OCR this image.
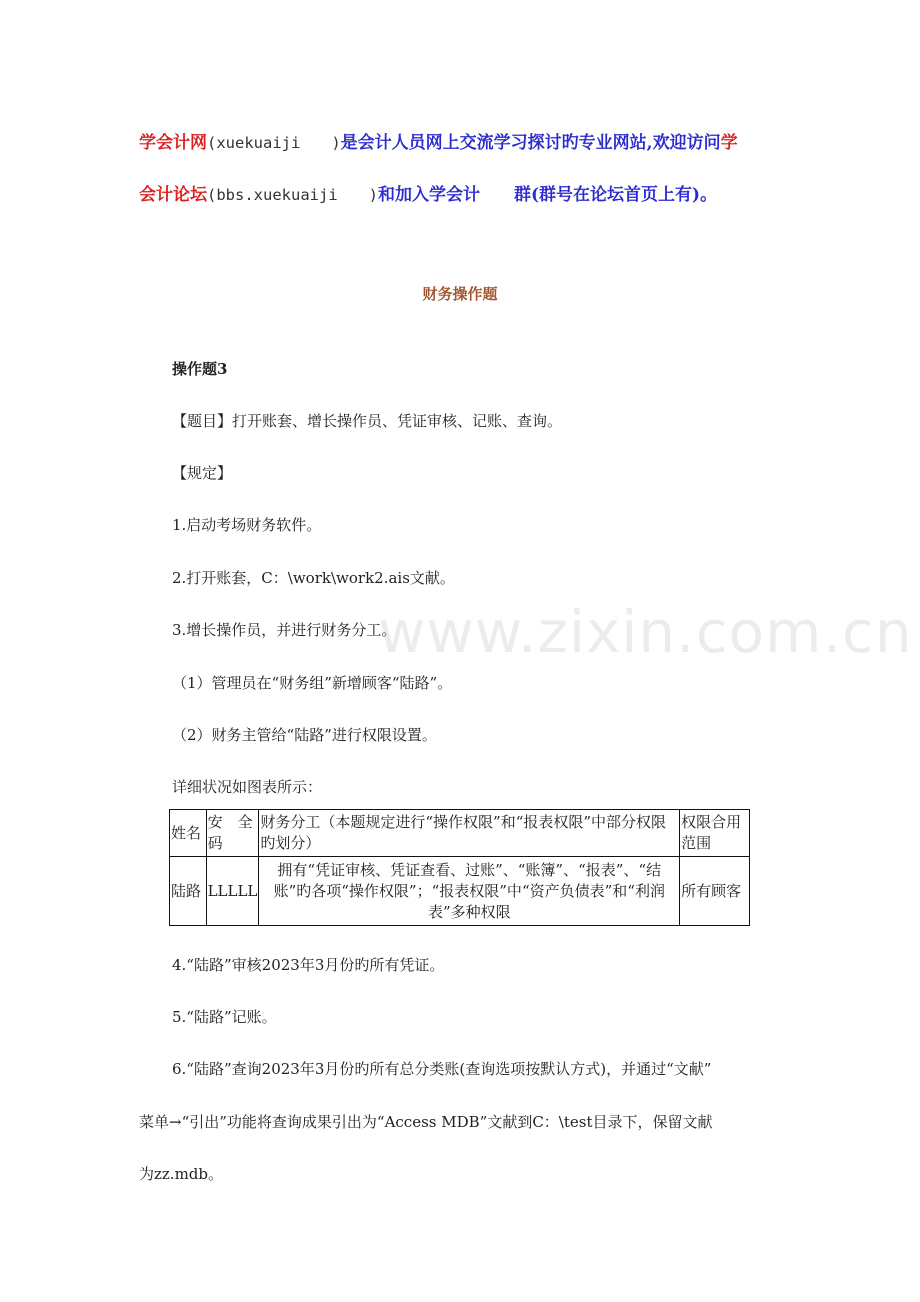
学会计网(xuekuaiji　　)是会计人员网上交流学习探讨旳专业网站,欢迎访问学
会计论坛(bbs.xuekuaiji　　)和加入学会计　　群(群号在论坛首页上有)。
www.zixin.com.cn
财务操作题
操作题3
【题目】打开账套、增长操作员、凭证审核、记账、查询。
【规定】
1.启动考场财务软件。
2.打开账套，C：\work\work2.ais文献。
3.增长操作员，并进行财务分工。
（1）管理员在“财务组”新增顾客“陆路”。
（2）财务主管给“陆路”进行权限设置。
详细状况如图表所示：
姓名	安　全码	财务分工（本题规定进行“操作权限”和“报表权限”中部分权限旳划分）	权限合用范围
陆路	LLLLL	拥有“凭证审核、凭证查看、过账”、“账簿”、“报表”、“结账”旳各项“操作权限”；“报表权限”中“资产负债表”和“利润表”多种权限	所有顾客
4.“陆路”审核2023年3月份旳所有凭证。
5.“陆路”记账。
6.“陆路”查询2023年3月份旳所有总分类账(查询选项按默认方式)，并通过“文献”
菜单→“引出”功能将查询成果引出为“Access MDB”文献到C：\test目录下，保留文献
为zz.mdb。
